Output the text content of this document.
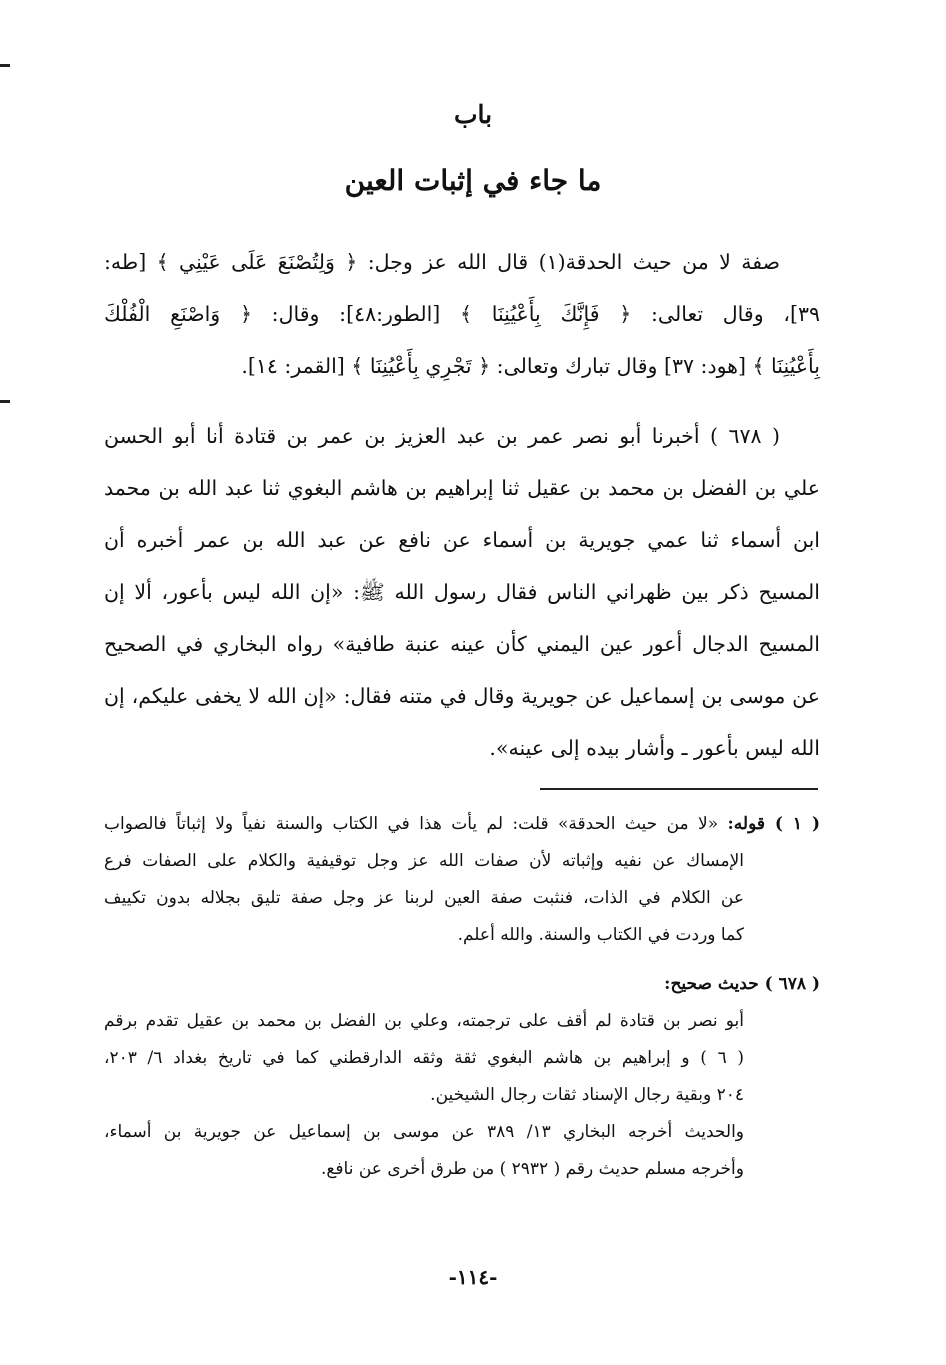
باب
ما جاء في إثبات العين
صفة لا من حيث الحدقة(١) قال الله عز وجل: ﴿ وَلِتُصْنَعَ عَلَى عَيْنِي ﴾ [طه:
٣٩]، وقال تعالى: ﴿ فَإِنَّكَ بِأَعْيُنِنَا ﴾ [الطور:٤٨]: وقال: ﴿ وَاصْنَعِ الْفُلْكَ
بِأَعْيُنِنَا ﴾ [هود: ٣٧] وقال تبارك وتعالى: ﴿ تَجْرِي بِأَعْيُنِنَا ﴾ [القمر: ١٤].
( ٦٧٨ ) أخبرنا أبو نصر عمر بن عبد العزيز بن عمر بن قتادة أنا أبو الحسن
علي بن الفضل بن محمد بن عقيل ثنا إبراهيم بن هاشم البغوي ثنا عبد الله بن محمد
ابن أسماء ثنا عمي جويرية بن أسماء عن نافع عن عبد الله بن عمر أخبره أن
المسيح ذكر بين ظهراني الناس فقال رسول الله ﷺ: «إن الله ليس بأعور، ألا إن
المسيح الدجال أعور عين اليمني كأن عينه عنبة طافية» رواه البخاري في الصحيح
عن موسى بن إسماعيل عن جويرية وقال في متنه فقال: «إن الله لا يخفى عليكم، إن
الله ليس بأعور ـ وأشار بيده إلى عينه».
( ١ ) قوله: «لا من حيث الحدقة» قلت: لم يأت هذا في الكتاب والسنة نفياً ولا إثباتاً فالصواب
الإمساك عن نفيه وإثباته لأن صفات الله عز وجل توقيفية والكلام على الصفات فرع
عن الكلام في الذات، فنثبت صفة العين لربنا عز وجل صفة تليق بجلاله بدون تكييف
كما وردت في الكتاب والسنة. والله أعلم.
( ٦٧٨ ) حديث صحيح:
أبو نصر بن قتادة لم أقف على ترجمته، وعلي بن الفضل بن محمد بن عقيل تقدم برقم
( ٦ ) و إبراهيم بن هاشم البغوي ثقة وثقه الدارقطني كما في تاريخ بغداد ٦/ ٢٠٣،
٢٠٤ وبقية رجال الإسناد ثقات رجال الشيخين.
والحديث أخرجه البخاري ١٣/ ٣٨٩ عن موسى بن إسماعيل عن جويرية بن أسماء،
وأخرجه مسلم حديث رقم ( ٢٩٣٢ ) من طرق أخرى عن نافع.
-١١٤-
